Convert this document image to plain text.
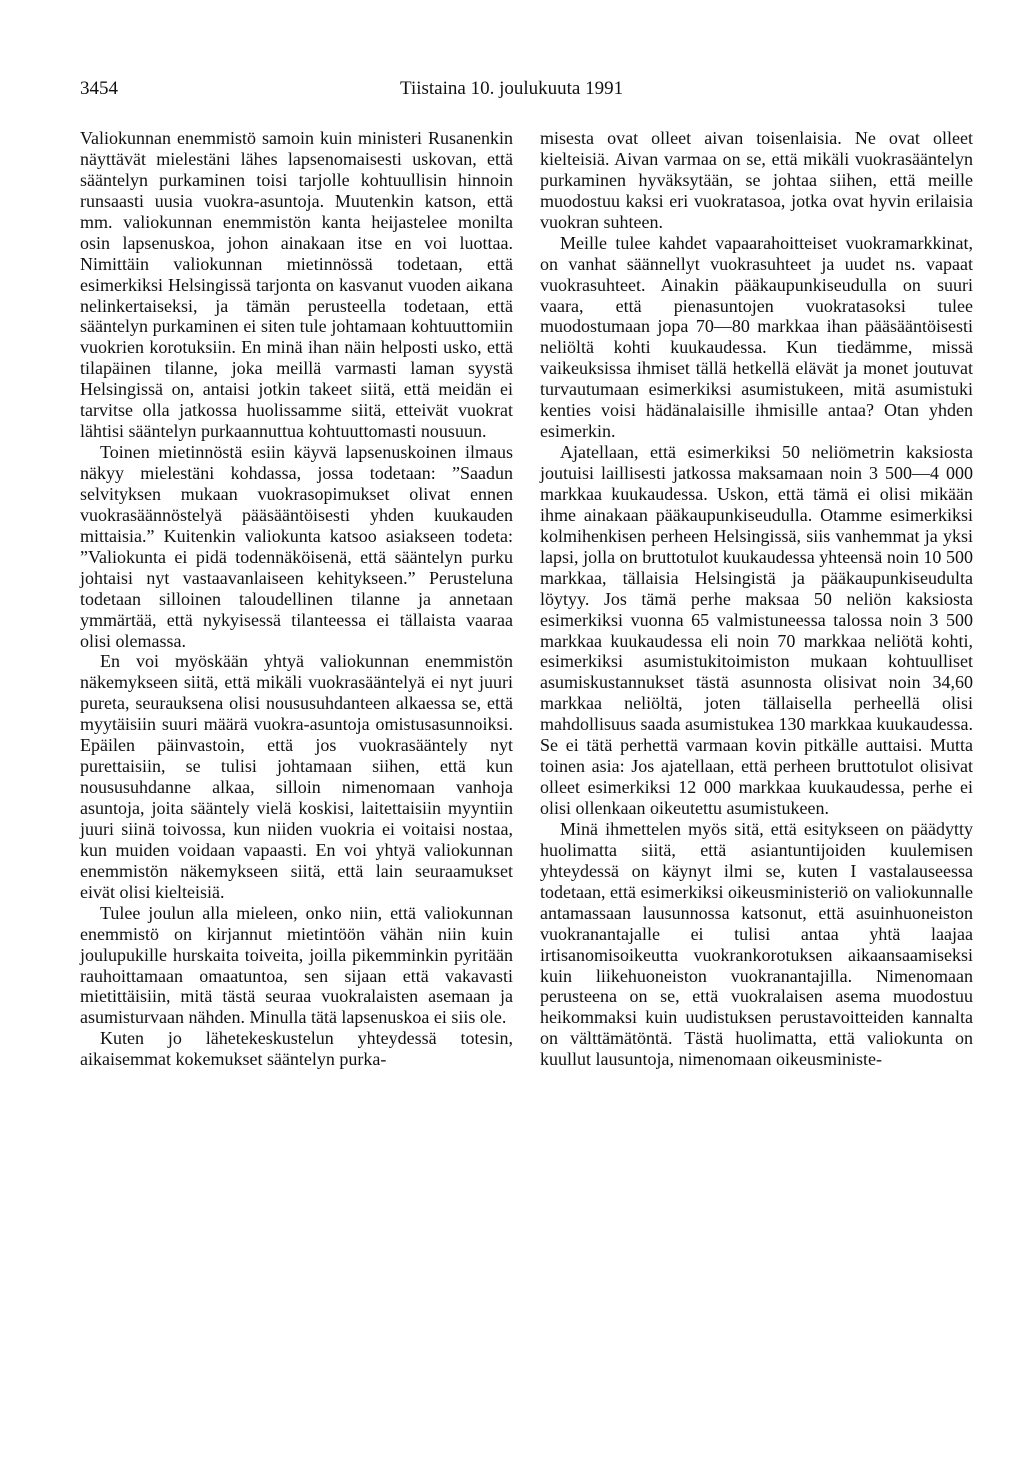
3454	Tiistaina 10. joulukuuta 1991

Valiokunnan enemmistö samoin kuin ministeri Rusanenkin näyttävät mielestäni lähes lapsenomaisesti uskovan, että sääntelyn purkaminen toisi tarjolle kohtuullisin hinnoin runsaasti uusia vuokra-asuntoja. Muutenkin katson, että mm. valiokunnan enemmistön kanta heijastelee monilta osin lapsenuskoa, johon ainakaan itse en voi luottaa. Nimittäin valiokunnan mietinnössä todetaan, että esimerkiksi Helsingissä tarjonta on kasvanut vuoden aikana nelinkertaiseksi, ja tämän perusteella todetaan, että sääntelyn purkaminen ei siten tule johtamaan kohtuuttomiin vuokrien korotuksiin. En minä ihan näin helposti usko, että tilapäinen tilanne, joka meillä varmasti laman syystä Helsingissä on, antaisi jotkin takeet siitä, että meidän ei tarvitse olla jatkossa huolissamme siitä, etteivät vuokrat lähtisi sääntelyn purkaannuttua kohtuuttomasti nousuun.

Toinen mietinnöstä esiin käyvä lapsenuskoinen ilmaus näkyy mielestäni kohdassa, jossa todetaan: ”Saadun selvityksen mukaan vuokrasopimukset olivat ennen vuokrasäännöstelyä pääsääntöisesti yhden kuukauden mittaisia.” Kuitenkin valiokunta katsoo asiakseen todeta: ”Valiokunta ei pidä todennäköisenä, että sääntelyn purku johtaisi nyt vastaavanlaiseen kehitykseen.” Perusteluna todetaan silloinen taloudellinen tilanne ja annetaan ymmärtää, että nykyisessä tilanteessa ei tällaista vaaraa olisi olemassa.

En voi myöskään yhtyä valiokunnan enemmistön näkemykseen siitä, että mikäli vuokrasääntelyä ei nyt juuri pureta, seurauksena olisi noususuhdanteen alkaessa se, että myytäisiin suuri määrä vuokra-asuntoja omistusasunnoiksi. Epäilen päinvastoin, että jos vuokrasääntely nyt purettaisiin, se tulisi johtamaan siihen, että kun noususuhdanne alkaa, silloin nimenomaan vanhoja asuntoja, joita sääntely vielä koskisi, laitettaisiin myyntiin juuri siinä toivossa, kun niiden vuokria ei voitaisi nostaa, kun muiden voidaan vapaasti. En voi yhtyä valiokunnan enemmistön näkemykseen siitä, että lain seuraamukset eivät olisi kielteisiä.

Tulee joulun alla mieleen, onko niin, että valiokunnan enemmistö on kirjannut mietintöön vähän niin kuin joulupukille hurskaita toiveita, joilla pikemminkin pyritään rauhoittamaan omaatuntoa, sen sijaan että vakavasti mietittäisiin, mitä tästä seuraa vuokralaisten asemaan ja asumisturvaan nähden. Minulla tätä lapsenuskoa ei siis ole.

Kuten jo lähetekeskustelun yhteydessä totesin, aikaisemmat kokemukset sääntelyn purka-

misesta ovat olleet aivan toisenlaisia. Ne ovat olleet kielteisiä. Aivan varmaa on se, että mikäli vuokrasääntelyn purkaminen hyväksytään, se johtaa siihen, että meille muodostuu kaksi eri vuokratasoa, jotka ovat hyvin erilaisia vuokran suhteen.

Meille tulee kahdet vapaarahoitteiset vuokramarkkinat, on vanhat säännellyt vuokrasuhteet ja uudet ns. vapaat vuokrasuhteet. Ainakin pääkaupunkiseudulla on suuri vaara, että pienasuntojen vuokratasoksi tulee muodostumaan jopa 70—80 markkaa ihan pääsääntöisesti neliöltä kohti kuukaudessa. Kun tiedämme, missä vaikeuksissa ihmiset tällä hetkellä elävät ja monet joutuvat turvautumaan esimerkiksi asumistukeen, mitä asumistuki kenties voisi hädänalaisille ihmisille antaa? Otan yhden esimerkin.

Ajatellaan, että esimerkiksi 50 neliömetrin kaksiosta joutuisi laillisesti jatkossa maksamaan noin 3 500—4 000 markkaa kuukaudessa. Uskon, että tämä ei olisi mikään ihme ainakaan pääkaupunkiseudulla. Otamme esimerkiksi kolmihenkisen perheen Helsingissä, siis vanhemmat ja yksi lapsi, jolla on bruttotulot kuukaudessa yhteensä noin 10 500 markkaa, tällaisia Helsingistä ja pääkaupunkiseudulta löytyy. Jos tämä perhe maksaa 50 neliön kaksiosta esimerkiksi vuonna 65 valmistuneessa talossa noin 3 500 markkaa kuukaudessa eli noin 70 markkaa neliötä kohti, esimerkiksi asumistukitoimiston mukaan kohtuulliset asumiskustannukset tästä asunnosta olisivat noin 34,60 markkaa neliöltä, joten tällaisella perheellä olisi mahdollisuus saada asumistukea 130 markkaa kuukaudessa. Se ei tätä perhettä varmaan kovin pitkälle auttaisi. Mutta toinen asia: Jos ajatellaan, että perheen bruttotulot olisivat olleet esimerkiksi 12 000 markkaa kuukaudessa, perhe ei olisi ollenkaan oikeutettu asumistukeen.

Minä ihmettelen myös sitä, että esitykseen on päädytty huolimatta siitä, että asiantuntijoiden kuulemisen yhteydessä on käynyt ilmi se, kuten I vastalauseessa todetaan, että esimerkiksi oikeusministeriö on valiokunnalle antamassaan lausunnossa katsonut, että asuinhuoneiston vuokranantajalle ei tulisi antaa yhtä laajaa irtisanomisoikeutta vuokrankorotuksen aikaansaamiseksi kuin liikehuoneiston vuokranantajilla. Nimenomaan perusteena on se, että vuokralaisen asema muodostuu heikommaksi kuin uudistuksen perustavoitteiden kannalta on välttämätöntä. Tästä huolimatta, että valiokunta on kuullut lausuntoja, nimenomaan oikeusministe-
